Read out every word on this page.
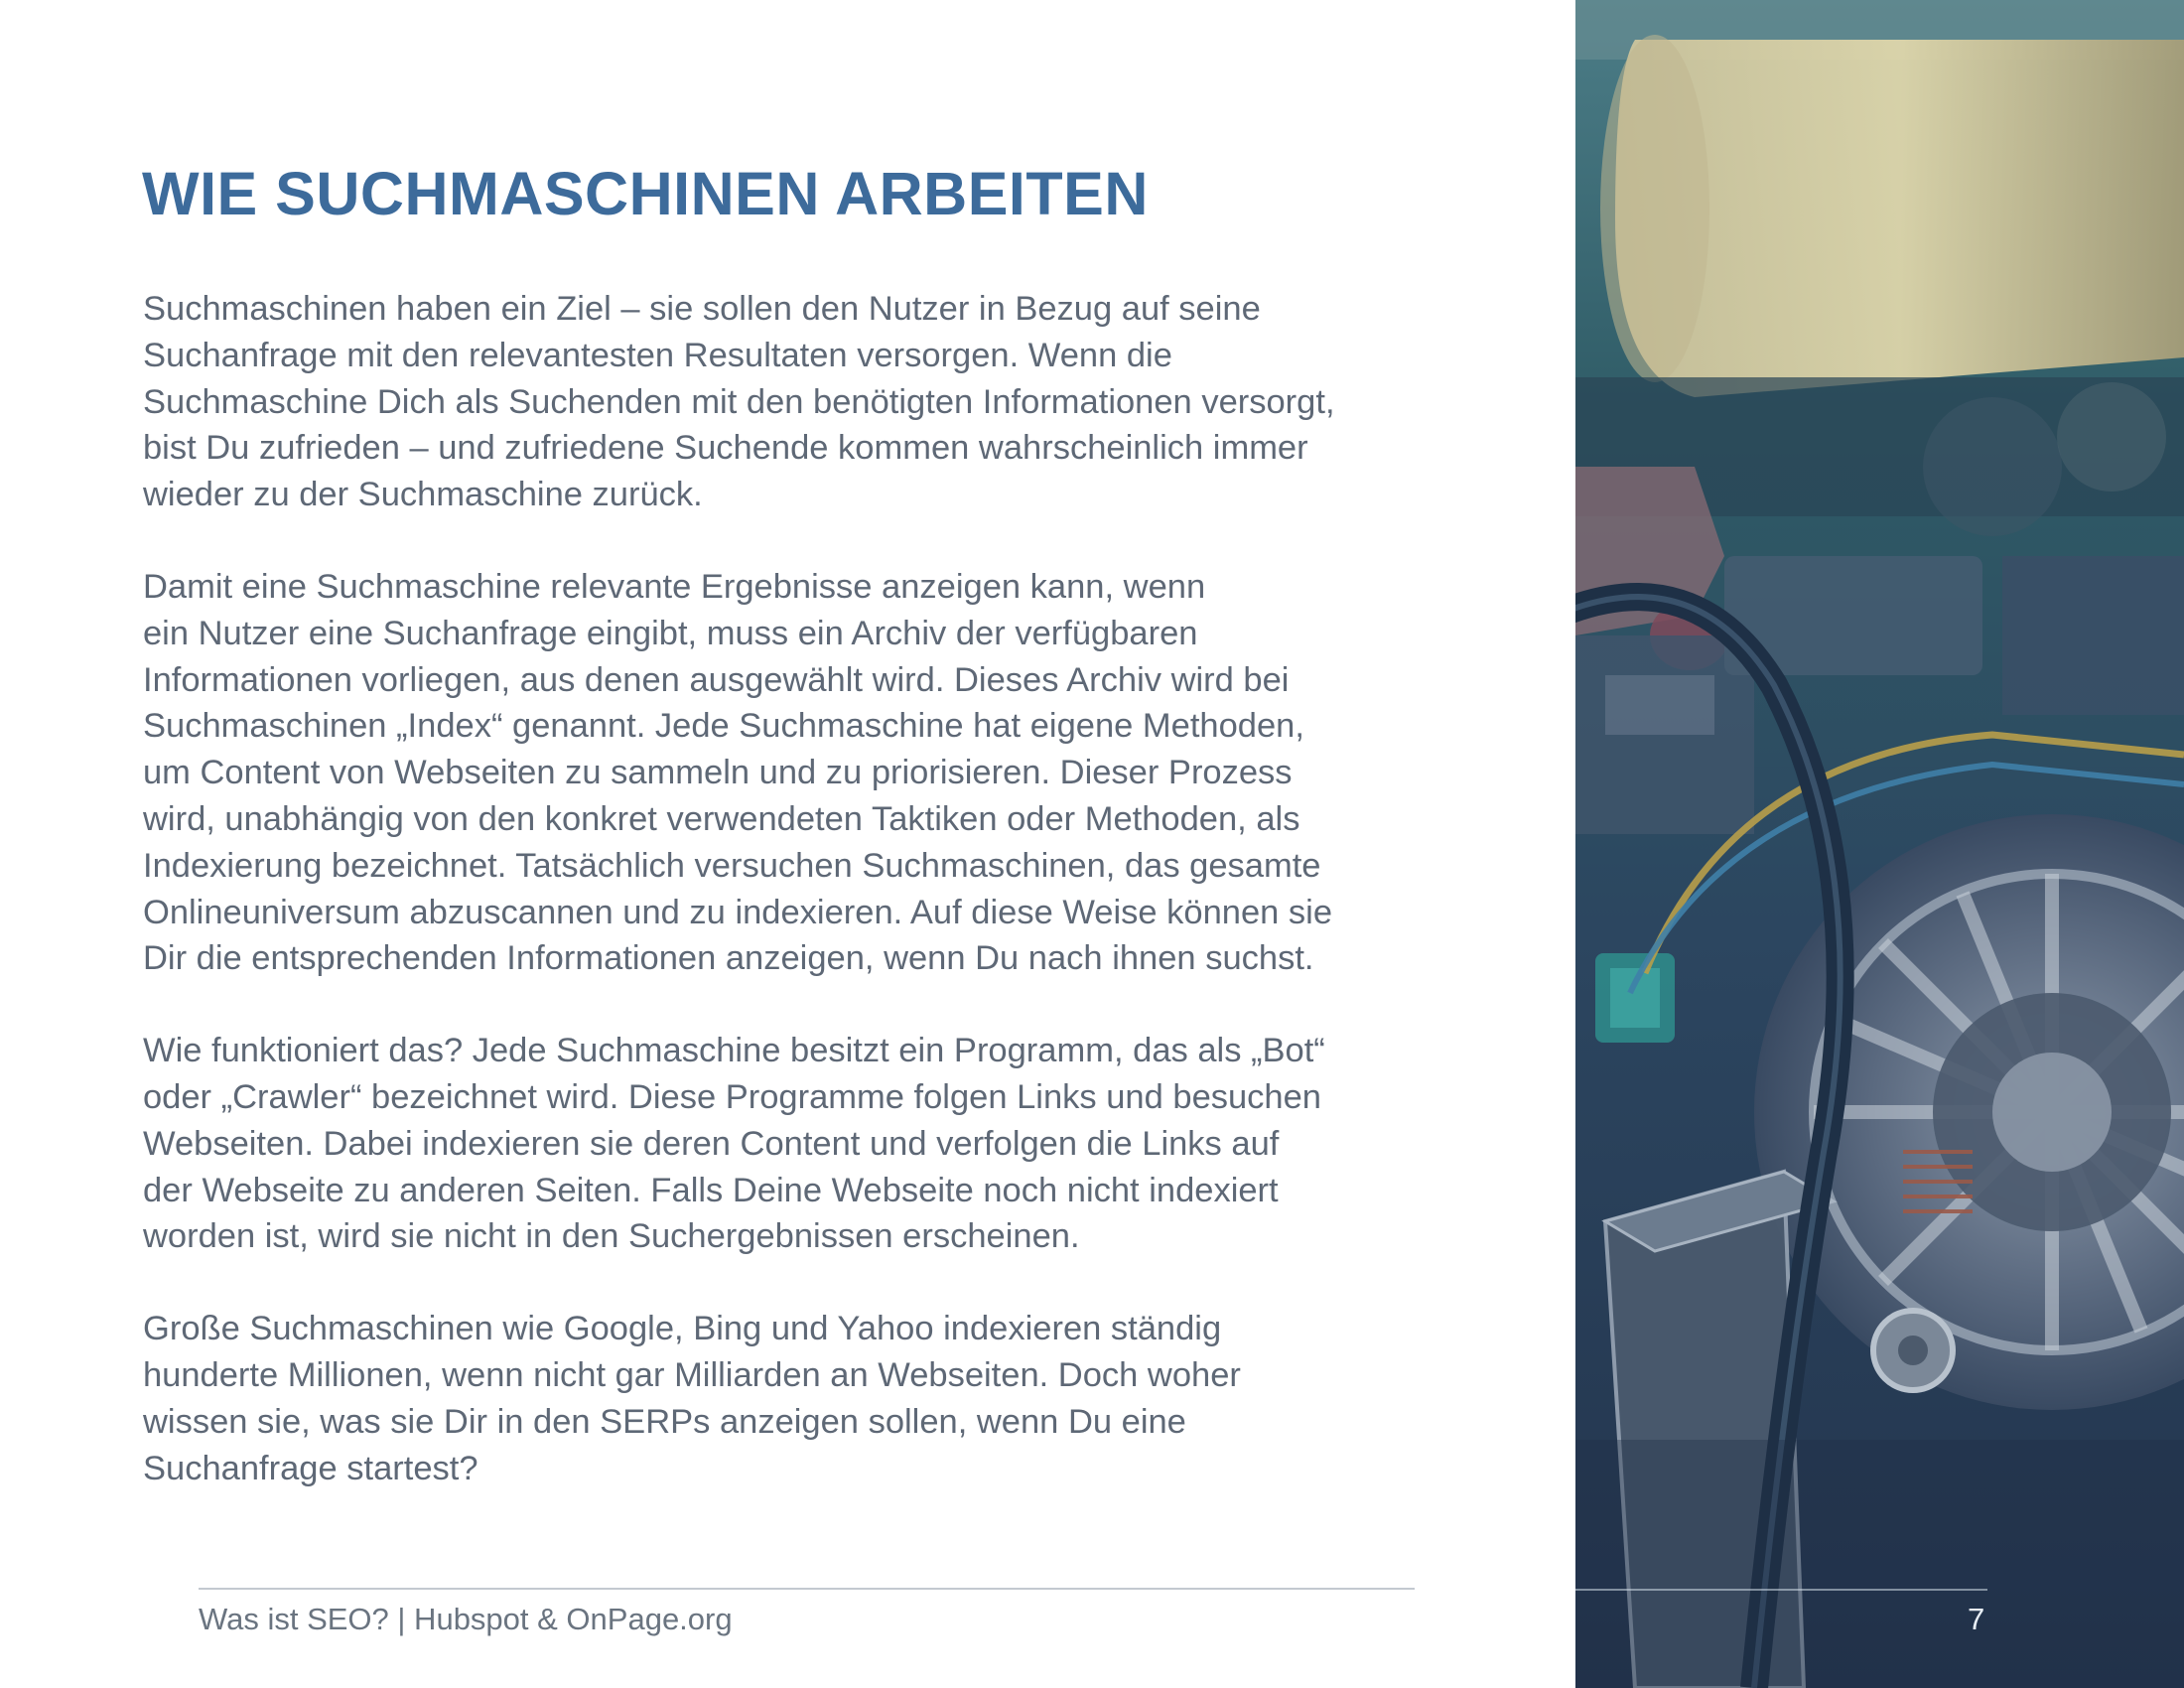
WIE SUCHMASCHINEN ARBEITEN

Suchmaschinen haben ein Ziel – sie sollen den Nutzer in Bezug auf seine
Suchanfrage mit den relevantesten Resultaten versorgen. Wenn die
Suchmaschine Dich als Suchenden mit den benötigten Informationen versorgt,
bist Du zufrieden – und zufriedene Suchende kommen wahrscheinlich immer
wieder zu der Suchmaschine zurück.

Damit eine Suchmaschine relevante Ergebnisse anzeigen kann, wenn
ein Nutzer eine Suchanfrage eingibt, muss ein Archiv der verfügbaren
Informationen vorliegen, aus denen ausgewählt wird. Dieses Archiv wird bei
Suchmaschinen „Index“ genannt. Jede Suchmaschine hat eigene Methoden,
um Content von Webseiten zu sammeln und zu priorisieren. Dieser Prozess
wird, unabhängig von den konkret verwendeten Taktiken oder Methoden, als
Indexierung bezeichnet. Tatsächlich versuchen Suchmaschinen, das gesamte
Onlineuniversum abzuscannen und zu indexieren. Auf diese Weise können sie
Dir die entsprechenden Informationen anzeigen, wenn Du nach ihnen suchst.

Wie funktioniert das? Jede Suchmaschine besitzt ein Programm, das als „Bot“
oder „Crawler“ bezeichnet wird. Diese Programme folgen Links und besuchen
Webseiten. Dabei indexieren sie deren Content und verfolgen die Links auf
der Webseite zu anderen Seiten. Falls Deine Webseite noch nicht indexiert
worden ist, wird sie nicht in den Suchergebnissen erscheinen.

Große Suchmaschinen wie Google, Bing und Yahoo indexieren ständig
hunderte Millionen, wenn nicht gar Milliarden an Webseiten. Doch woher
wissen sie, was sie Dir in den SERPs anzeigen sollen, wenn Du eine
Suchanfrage startest?

Was ist SEO? | Hubspot & OnPage.org	7
